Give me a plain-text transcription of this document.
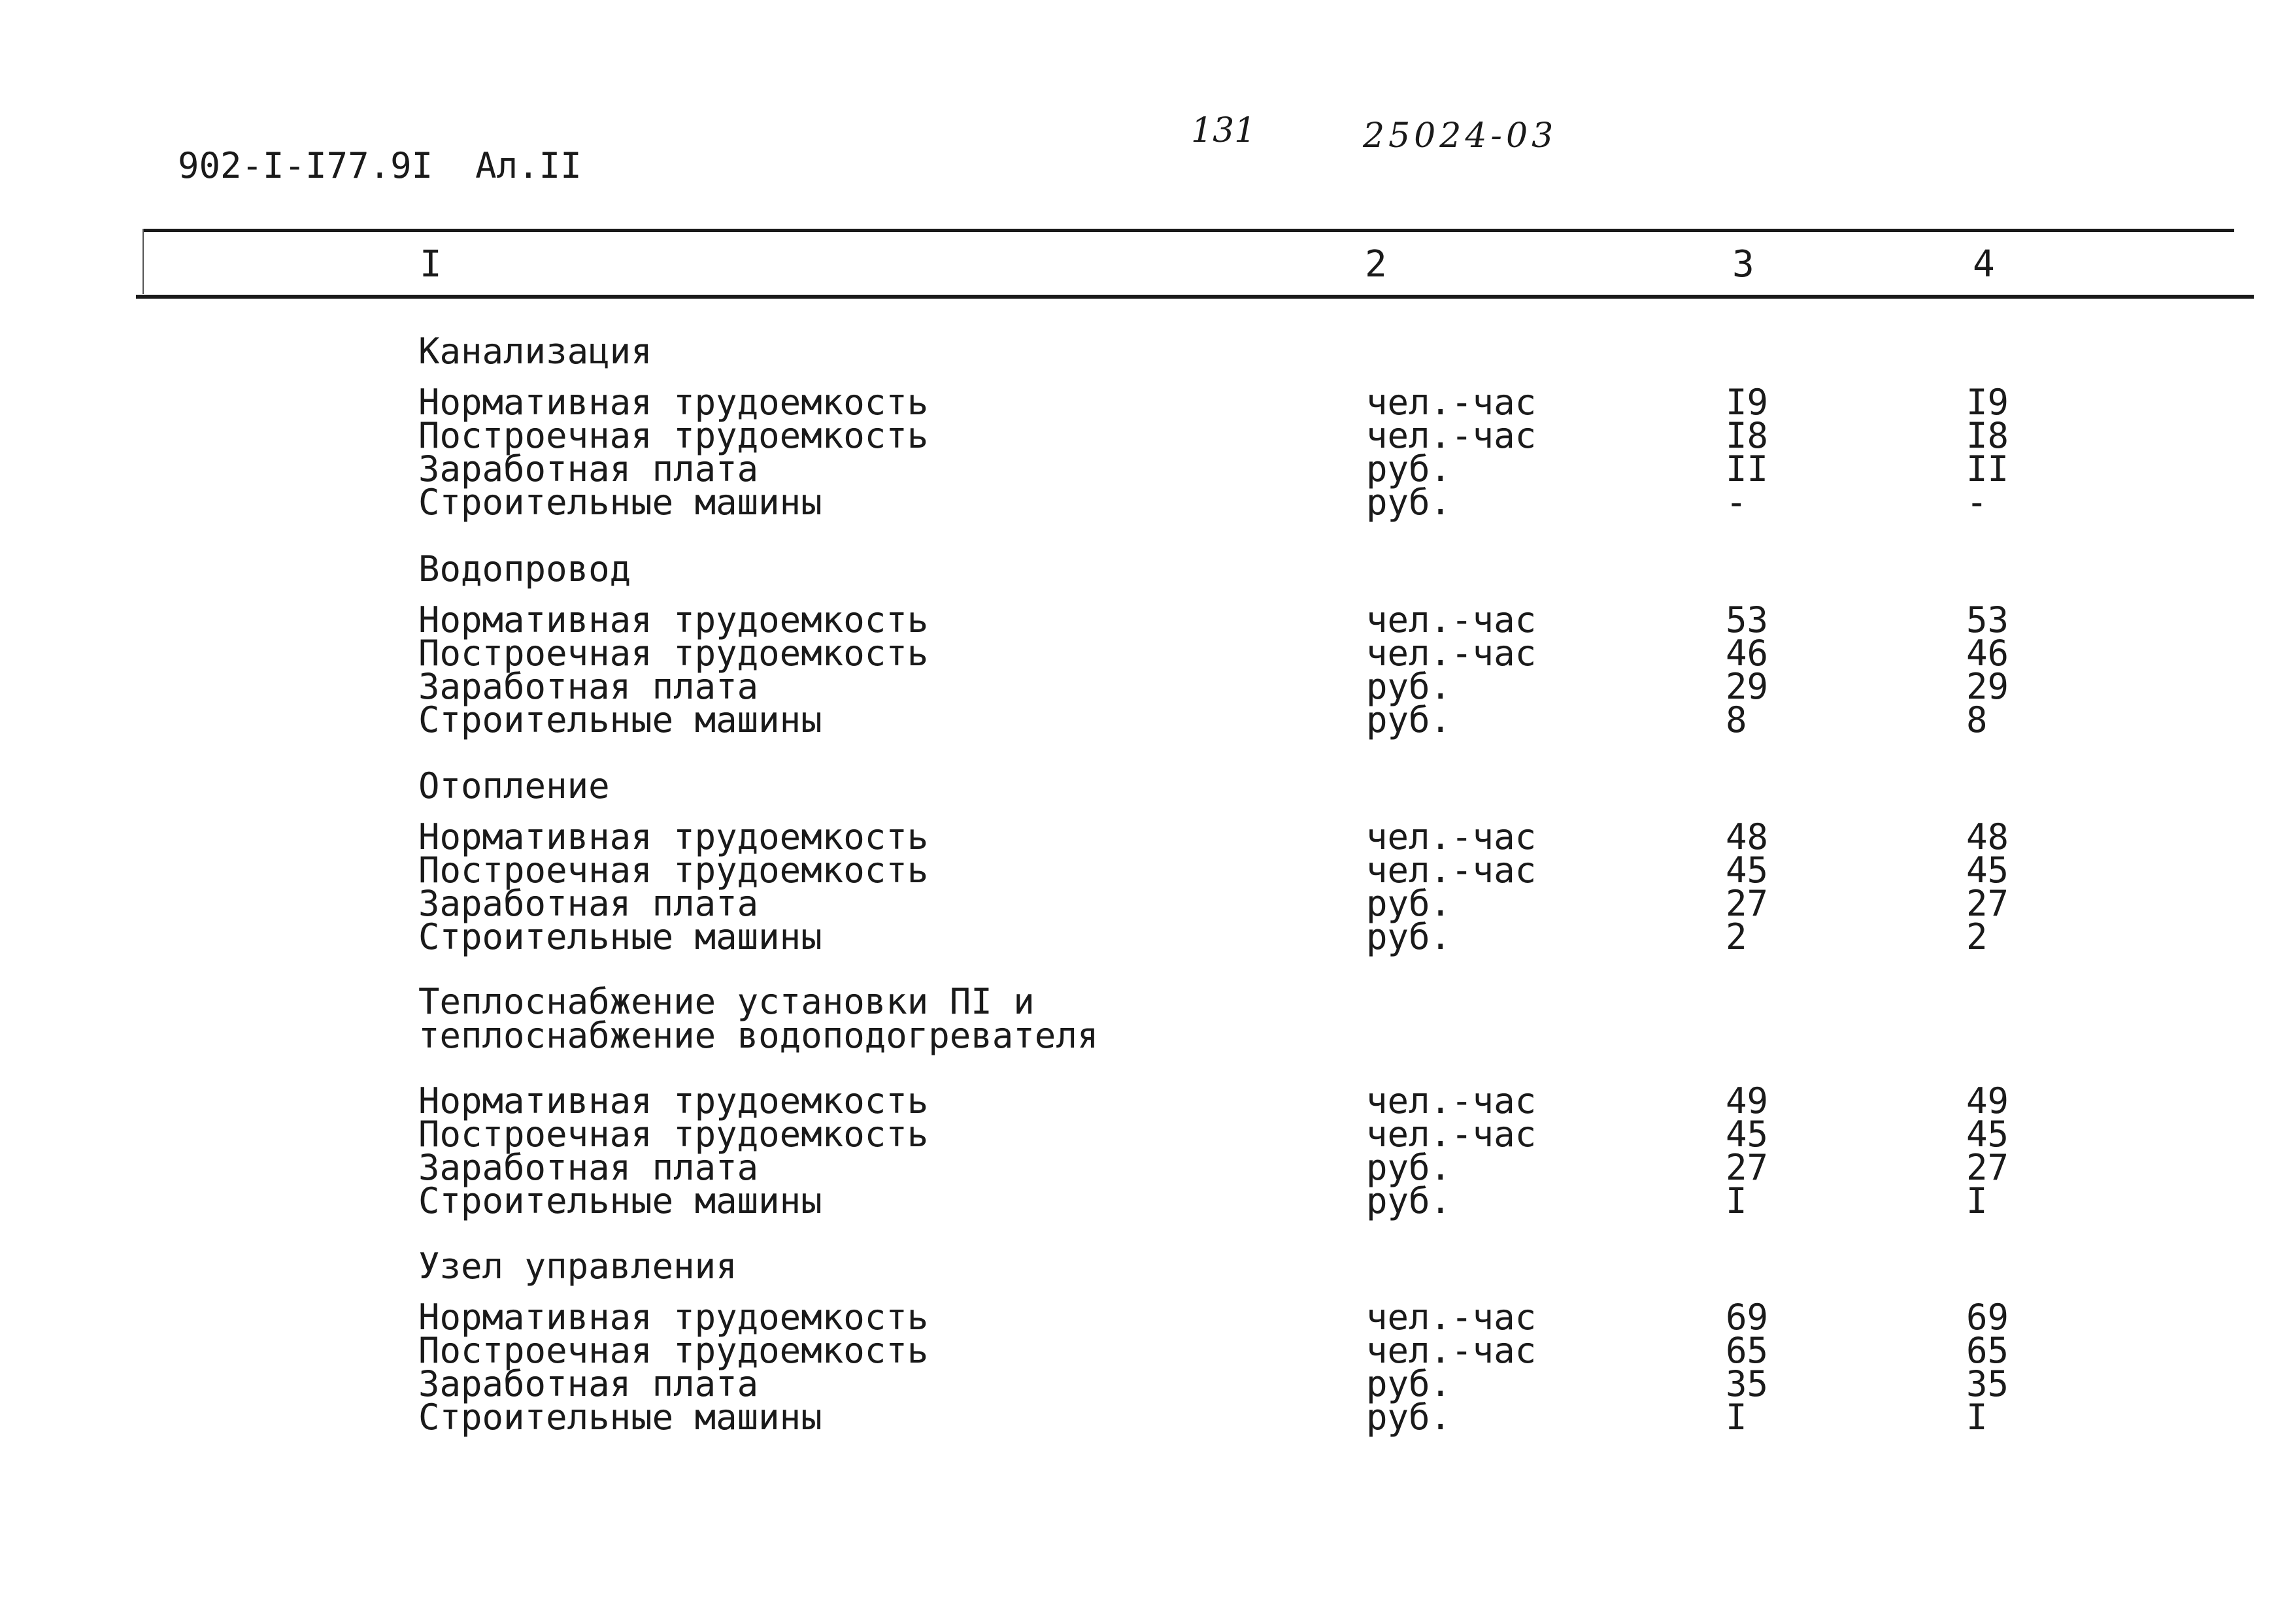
902-I-I77.9I  Ал.II
131	25024-03
I	2	3	4
Канализация
Нормативная трудоемкость	чел.-час	I9	I9
Построечная трудоемкость	чел.-час	I8	I8
Заработная плата	руб.	II	II
Строительные машины	руб.	-	-
Водопровод
Нормативная трудоемкость	чел.-час	53	53
Построечная трудоемкость	чел.-час	46	46
Заработная плата	руб.	29	29
Строительные машины	руб.	8	8
Отопление
Нормативная трудоемкость	чел.-час	48	48
Построечная трудоемкость	чел.-час	45	45
Заработная плата	руб.	27	27
Строительные машины	руб.	2	2
Теплоснабжение установки ПI и
теплоснабжение водоподогревателя
Нормативная трудоемкость	чел.-час	49	49
Построечная трудоемкость	чел.-час	45	45
Заработная плата	руб.	27	27
Строительные машины	руб.	I	I
Узел управления
Нормативная трудоемкость	чел.-час	69	69
Построечная трудоемкость	чел.-час	65	65
Заработная плата	руб.	35	35
Строительные машины	руб.	I	I
